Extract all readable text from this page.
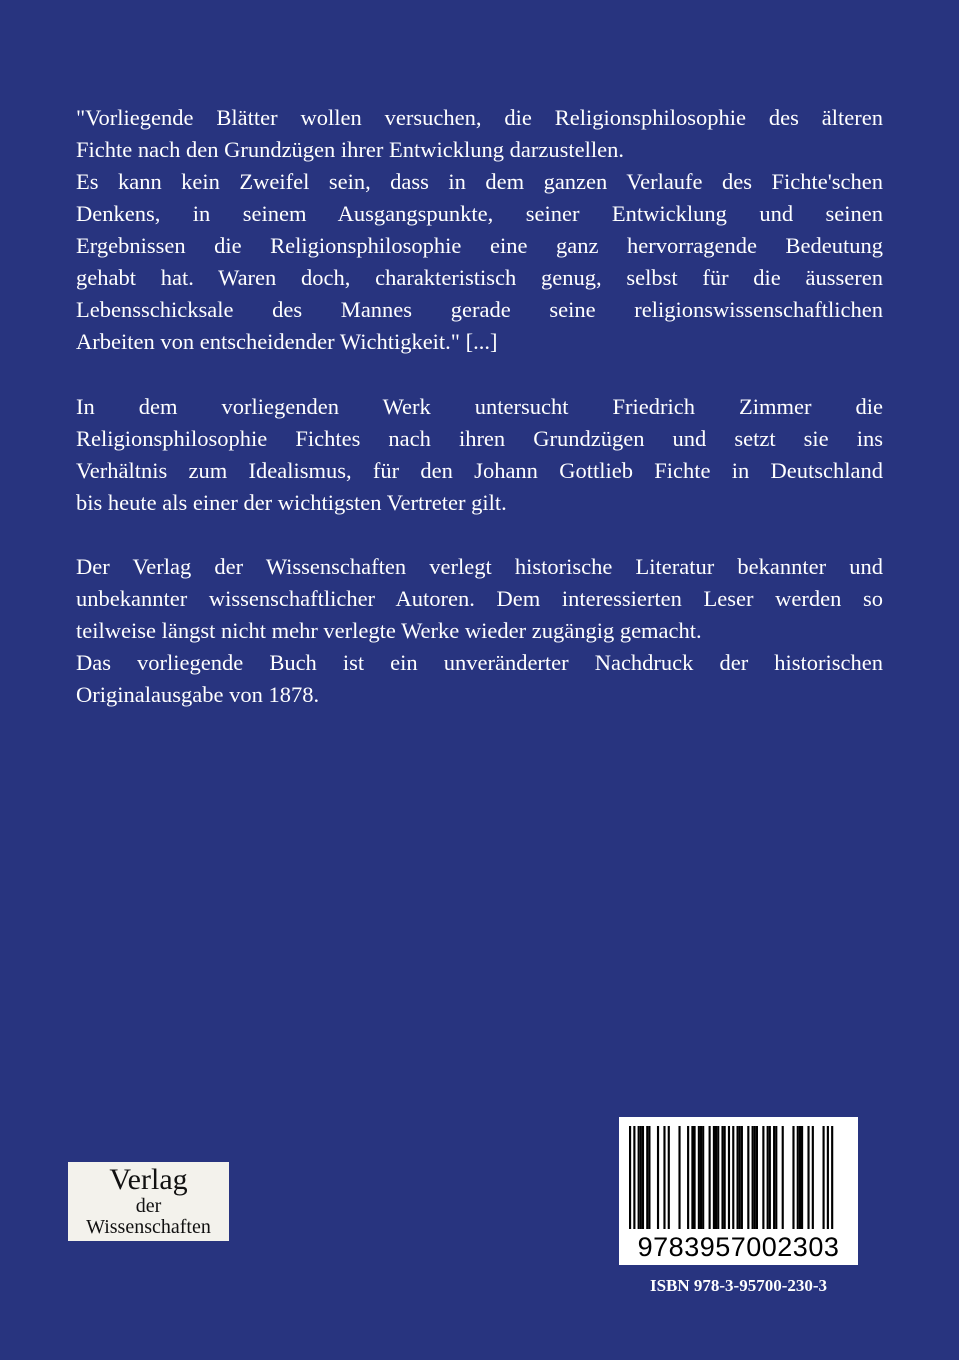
"Vorliegende Blätter wollen versuchen, die Religionsphilosophie des älteren
Fichte nach den Grundzügen ihrer Entwicklung darzustellen.
Es kann kein Zweifel sein, dass in dem ganzen Verlaufe des Fichte'schen
Denkens, in seinem Ausgangspunkte, seiner Entwicklung und seinen
Ergebnissen die Religionsphilosophie eine ganz hervorragende Bedeutung
gehabt hat. Waren doch, charakteristisch genug, selbst für die äusseren
Lebensschicksale des Mannes gerade seine religionswissenschaftlichen
Arbeiten von entscheidender Wichtigkeit." [...]
In dem vorliegenden Werk untersucht Friedrich Zimmer die
Religionsphilosophie Fichtes nach ihren Grundzügen und setzt sie ins
Verhältnis zum Idealismus, für den Johann Gottlieb Fichte in Deutschland
bis heute als einer der wichtigsten Vertreter gilt.
Der Verlag der Wissenschaften verlegt historische Literatur bekannter und
unbekannter wissenschaftlicher Autoren. Dem interessierten Leser werden so
teilweise längst nicht mehr verlegte Werke wieder zugängig gemacht.
Das vorliegende Buch ist ein unveränderter Nachdruck der historischen
Originalausgabe von 1878.
Verlag
der
Wissenschaften
9783957002303
ISBN 978-3-95700-230-3
